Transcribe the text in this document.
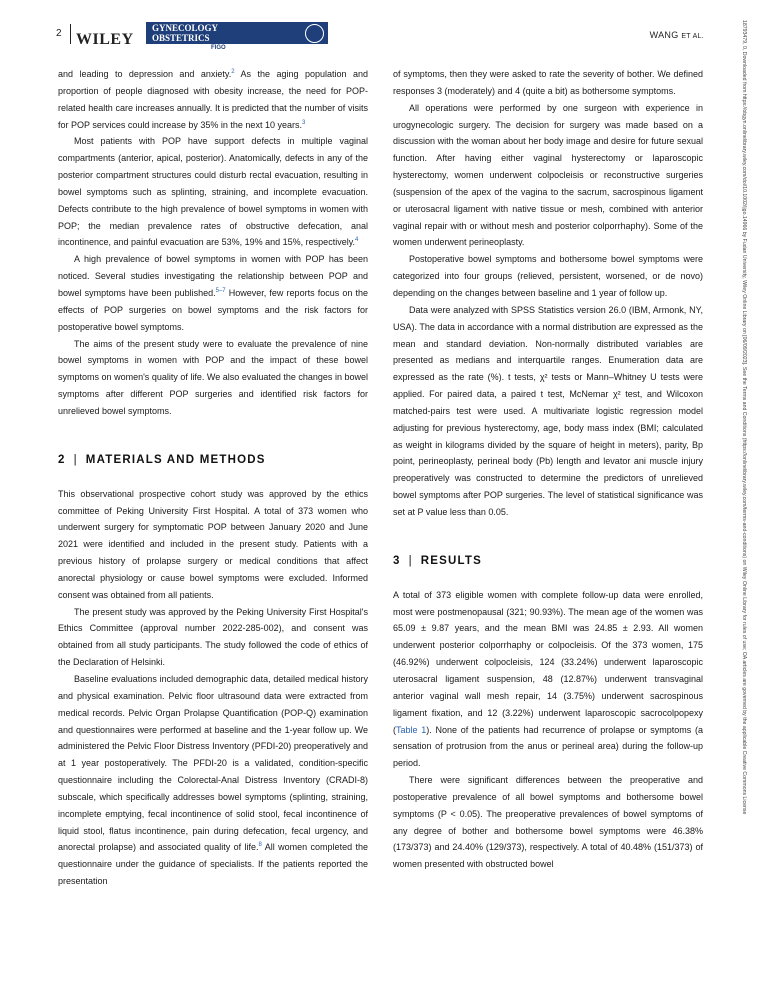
2 WILEY
GYNECOLOGY
OBSTETRICS
FIGO
WANG ET AL.	18793479, 0, Downloaded from https://obgyn.onlinelibrary.wiley.com/doi/10.1002/ijgo.14966 by Fudan University, Wiley Online Library on [06/09/2023]. See the Terms and Conditions (https://onlinelibrary.wiley.com/terms-and-conditions) on Wiley Online Library for rules of use; OA articles are governed by the applicable Creative Commons License

and leading to depression and anxiety.$^2$ As the aging population and proportion of people diagnosed with obesity increase, the need for POP-related health care increases annually. It is predicted that the number of visits for POP services could increase by 35% in the next 10 years.$^3$

Most patients with POP have support defects in multiple vaginal compartments (anterior, apical, posterior). Anatomically, defects in any of the posterior compartment structures could disturb rectal evacuation, resulting in bowel symptoms such as splinting, straining, and incomplete evacuation. Defects contribute to the high prevalence of bowel symptoms in women with POP; the median prevalence rates of obstructive defecation, anal incontinence, and painful evacuation are 53%, 19% and 15%, respectively.$^4$

A high prevalence of bowel symptoms in women with POP has been noticed. Several studies investigating the relationship between POP and bowel symptoms have been published.$^{5-7}$ However, few reports focus on the effects of POP surgeries on bowel symptoms and the risk factors for postoperative bowel symptoms.

The aims of the present study were to evaluate the prevalence of nine bowel symptoms in women with POP and the impact of these bowel symptoms on women's quality of life. We also evaluated the changes in bowel symptoms after different POP surgeries and identified risk factors for unrelieved bowel symptoms.

2 | MATERIALS AND METHODS

This observational prospective cohort study was approved by the ethics committee of Peking University First Hospital. A total of 373 women who underwent surgery for symptomatic POP between January 2020 and June 2021 were identified and included in the present study. Patients with a previous history of prolapse surgery or medical conditions that affect anorectal physiology or cause bowel symptoms were excluded. Informed consent was obtained from all patients.

The present study was approved by the Peking University First Hospital's Ethics Committee (approval number 2022-285-002), and consent was obtained from all study participants. The study followed the code of ethics of the Declaration of Helsinki.

Baseline evaluations included demographic data, detailed medical history and physical examination. Pelvic floor ultrasound data were extracted from medical records. Pelvic Organ Prolapse Quantification (POP-Q) examination and questionnaires were performed at baseline and the 1-year follow up. We administered the Pelvic Floor Distress Inventory (PFDI-20) preoperatively and at 1 year postoperatively. The PFDI-20 is a validated, condition-specific questionnaire including the Colorectal-Anal Distress Inventory (CRADI-8) subscale, which specifically addresses bowel symptoms (splinting, straining, incomplete emptying, fecal incontinence of solid stool, fecal incontinence of liquid stool, flatus incontinence, pain during defecation, fecal urgency, and anorectal prolapse) and associated quality of life.$^8$ All women completed the questionnaire under the guidance of specialists. If the patients reported the presentation

of symptoms, then they were asked to rate the severity of bother. We defined responses 3 (moderately) and 4 (quite a bit) as bothersome symptoms.

All operations were performed by one surgeon with experience in urogynecologic surgery. The decision for surgery was made based on a discussion with the woman about her body image and desire for future sexual function. After having either vaginal hysterectomy or laparoscopic hysterectomy, women underwent colpocleisis or reconstructive surgeries (suspension of the apex of the vagina to the sacrum, sacrospinous ligament or uterosacral ligament with native tissue or mesh, combined with anterior vaginal repair with or without mesh and posterior colporrhaphy). Some of the women underwent perineoplasty.

Postoperative bowel symptoms and bothersome bowel symptoms were categorized into four groups (relieved, persistent, worsened, or de novo) depending on the changes between baseline and 1 year of follow up.

Data were analyzed with SPSS Statistics version 26.0 (IBM, Armonk, NY, USA). The data in accordance with a normal distribution are expressed as the mean and standard deviation. Non-normally distributed variables are presented as medians and interquartile ranges. Enumeration data are expressed as the rate (%). t tests, χ² tests or Mann–Whitney U tests were applied. For paired data, a paired t test, McNemar χ² test, and Wilcoxon matched-pairs test were used. A multivariate logistic regression model adjusting for previous hysterectomy, age, body mass index (BMI; calculated as weight in kilograms divided by the square of height in meters), parity, Bp point, perineoplasty, perineal body (Pb) length and levator ani muscle injury preoperatively was constructed to determine the predictors of unrelieved bowel symptoms after POP surgeries. The level of statistical significance was set at P value less than 0.05.

3 | RESULTS

A total of 373 eligible women with complete follow-up data were enrolled, most were postmenopausal (321; 90.93%). The mean age of the women was 65.09 ± 9.87 years, and the mean BMI was 24.85 ± 2.93. All women underwent posterior colporrhaphy or colpocleisis. Of the 373 women, 175 (46.92%) underwent colpocleisis, 124 (33.24%) underwent laparoscopic uterosacral ligament suspension, 48 (12.87%) underwent transvaginal anterior vaginal wall mesh repair, 14 (3.75%) underwent sacrospinous ligament fixation, and 12 (3.22%) underwent laparoscopic sacrocolpopexy (Table 1). None of the patients had recurrence of prolapse or symptoms (a sensation of protrusion from the anus or perineal area) during the follow-up period.

There were significant differences between the preoperative and postoperative prevalence of all bowel symptoms and bothersome bowel symptoms (P < 0.05). The preoperative prevalences of bowel symptoms of any degree of bother and bothersome bowel symptoms were 46.38% (173/373) and 24.40% (129/373), respectively. A total of 40.48% (151/373) of women presented with obstructed bowel
